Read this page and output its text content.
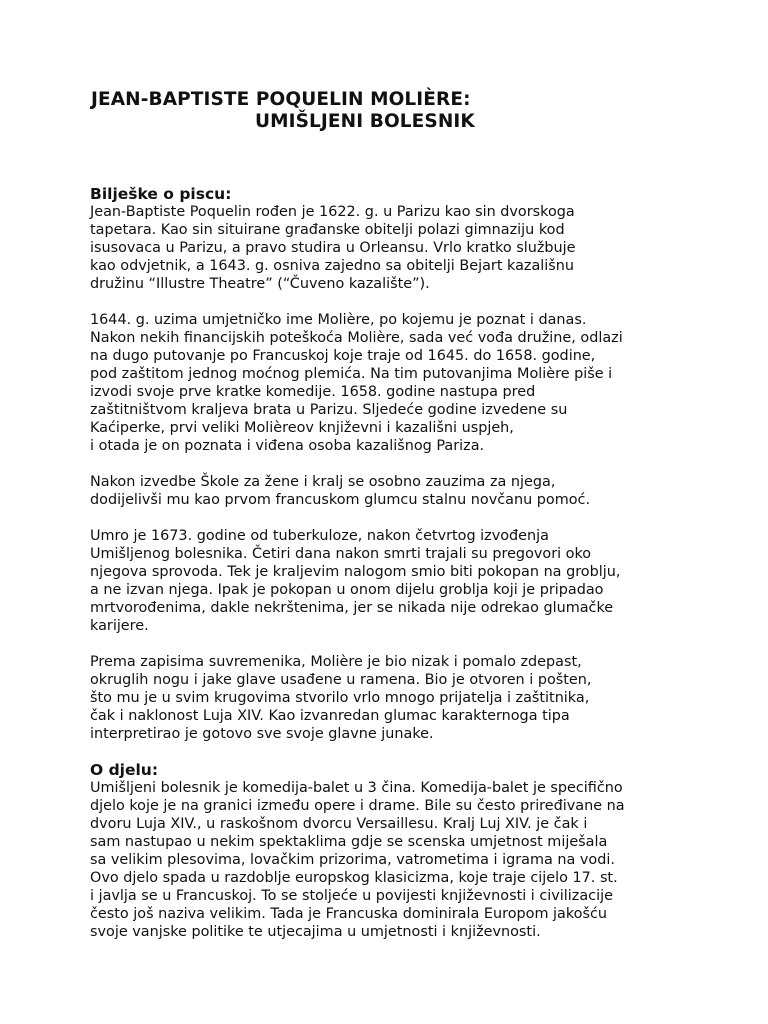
JEAN-BAPTISTE POQUELIN MOLIÈRE:
UMIŠLJENI BOLESNIK
Bilješke o piscu:
Jean-Baptiste Poquelin rođen je 1622. g. u Parizu kao sin dvorskoga
tapetara. Kao sin situirane građanske obitelji polazi gimnaziju kod
isusovaca u Parizu, a pravo studira u Orleansu. Vrlo kratko službuje
kao odvjetnik, a 1643. g. osniva zajedno sa obitelji Bejart kazališnu
družinu “Illustre Theatre” (“Čuveno kazalište”).
1644. g. uzima umjetničko ime Molière, po kojemu je poznat i danas.
Nakon nekih financijskih poteškoća Molière, sada već vođa družine, odlazi
na dugo putovanje po Francuskoj koje traje od 1645. do 1658. godine,
pod zaštitom jednog moćnog plemića. Na tim putovanjima Molière piše i
izvodi svoje prve kratke komedije. 1658. godine nastupa pred
zaštitništvom kraljeva brata u Parizu. Sljedeće godine izvedene su
Kaćiperke, prvi veliki Molièreov književni i kazališni uspjeh,
i otada je on poznata i viđena osoba kazališnog Pariza.
Nakon izvedbe Škole za žene i kralj se osobno zauzima za njega,
dodijelivši mu kao prvom francuskom glumcu stalnu novčanu pomoć.
Umro je 1673. godine od tuberkuloze, nakon četvrtog izvođenja
Umišljenog bolesnika. Četiri dana nakon smrti trajali su pregovori oko
njegova sprovoda. Tek je kraljevim nalogom smio biti pokopan na groblju,
a ne izvan njega. Ipak je pokopan u onom dijelu groblja koji je pripadao
mrtvorođenima, dakle nekrštenima, jer se nikada nije odrekao glumačke
karijere.
Prema zapisima suvremenika, Molière je bio nizak i pomalo zdepast,
okruglih nogu i jake glave usađene u ramena. Bio je otvoren i pošten,
što mu je u svim krugovima stvorilo vrlo mnogo prijatelja i zaštitnika,
čak i naklonost Luja XIV. Kao izvanredan glumac karakternoga tipa
interpretirao je gotovo sve svoje glavne junake.
O djelu:
Umišljeni bolesnik je komedija-balet u 3 čina. Komedija-balet je specifično
djelo koje je na granici između opere i drame. Bile su često priređivane na
dvoru Luja XIV., u raskošnom dvorcu Versaillesu. Kralj Luj XIV. je čak i
sam nastupao u nekim spektaklima gdje se scenska umjetnost miješala
sa velikim plesovima, lovačkim prizorima, vatrometima i igrama na vodi.
Ovo djelo spada u razdoblje europskog klasicizma, koje traje cijelo 17. st.
i javlja se u Francuskoj. To se stoljeće u povijesti književnosti i civilizacije
često još naziva velikim. Tada je Francuska dominirala Europom jakošću
svoje vanjske politike te utjecajima u umjetnosti i književnosti.
